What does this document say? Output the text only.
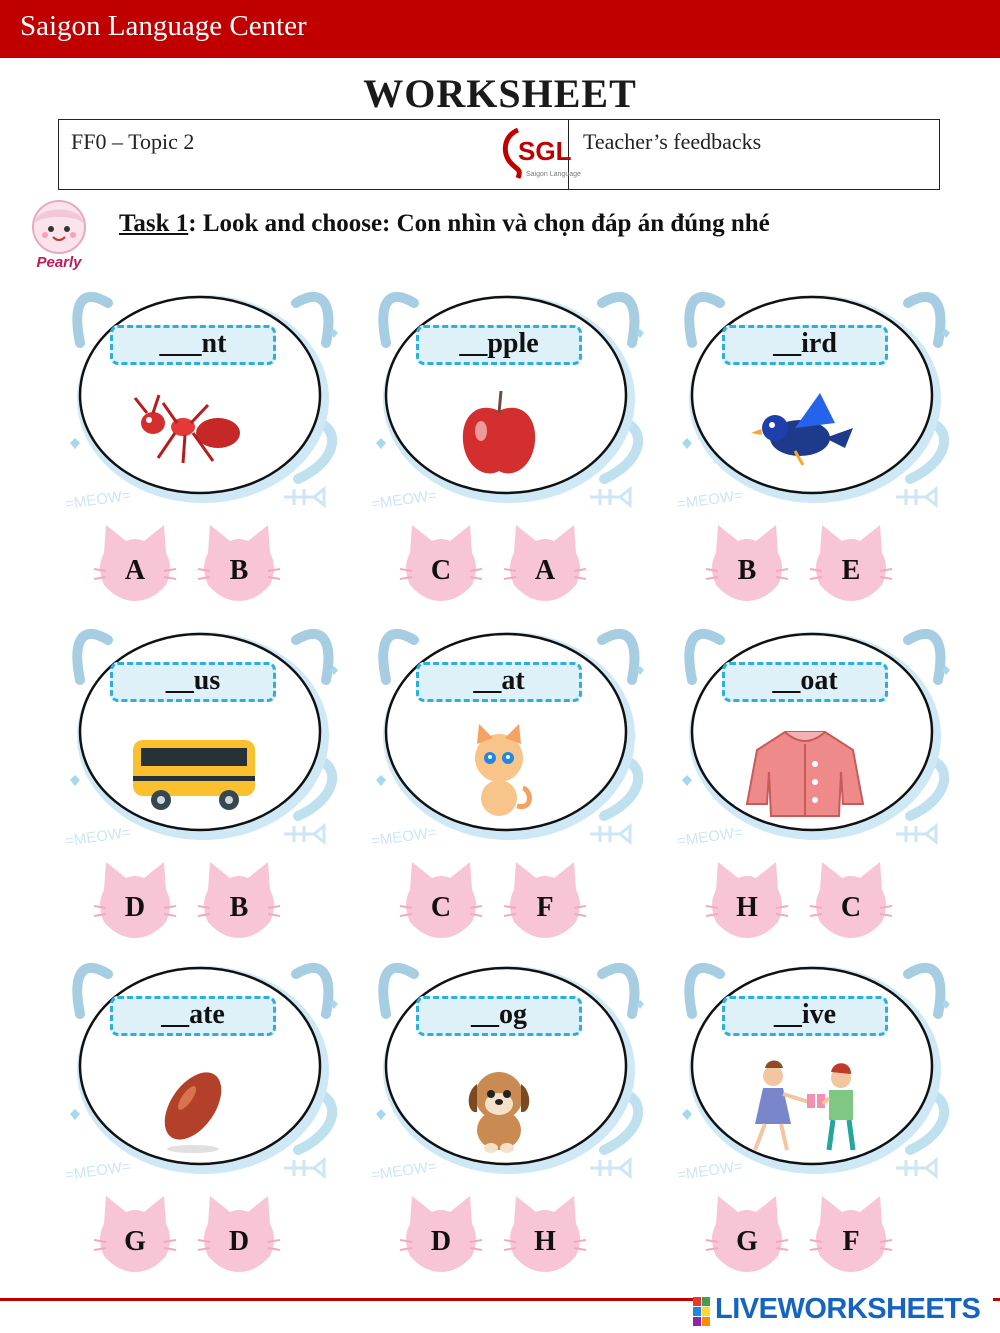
Saigon Language Center
WORKSHEET
FF0 – Topic 2	SGL
Saigon Language
Teacher’s feedbacks
Pearly
Task 1: Look and choose: Con nhìn và chọn đáp án đúng nhé
=MEOW=
___nt
A	B
=MEOW=
__pple
C	A
=MEOW=
__ird
B	E
=MEOW=
__us
D	B
=MEOW=
__at
C	F
=MEOW=
__oat
H	C
=MEOW=
__ate
G	D
=MEOW=
__og
D	H
=MEOW=
__ive
G	F
LIVEWORKSHEETS
